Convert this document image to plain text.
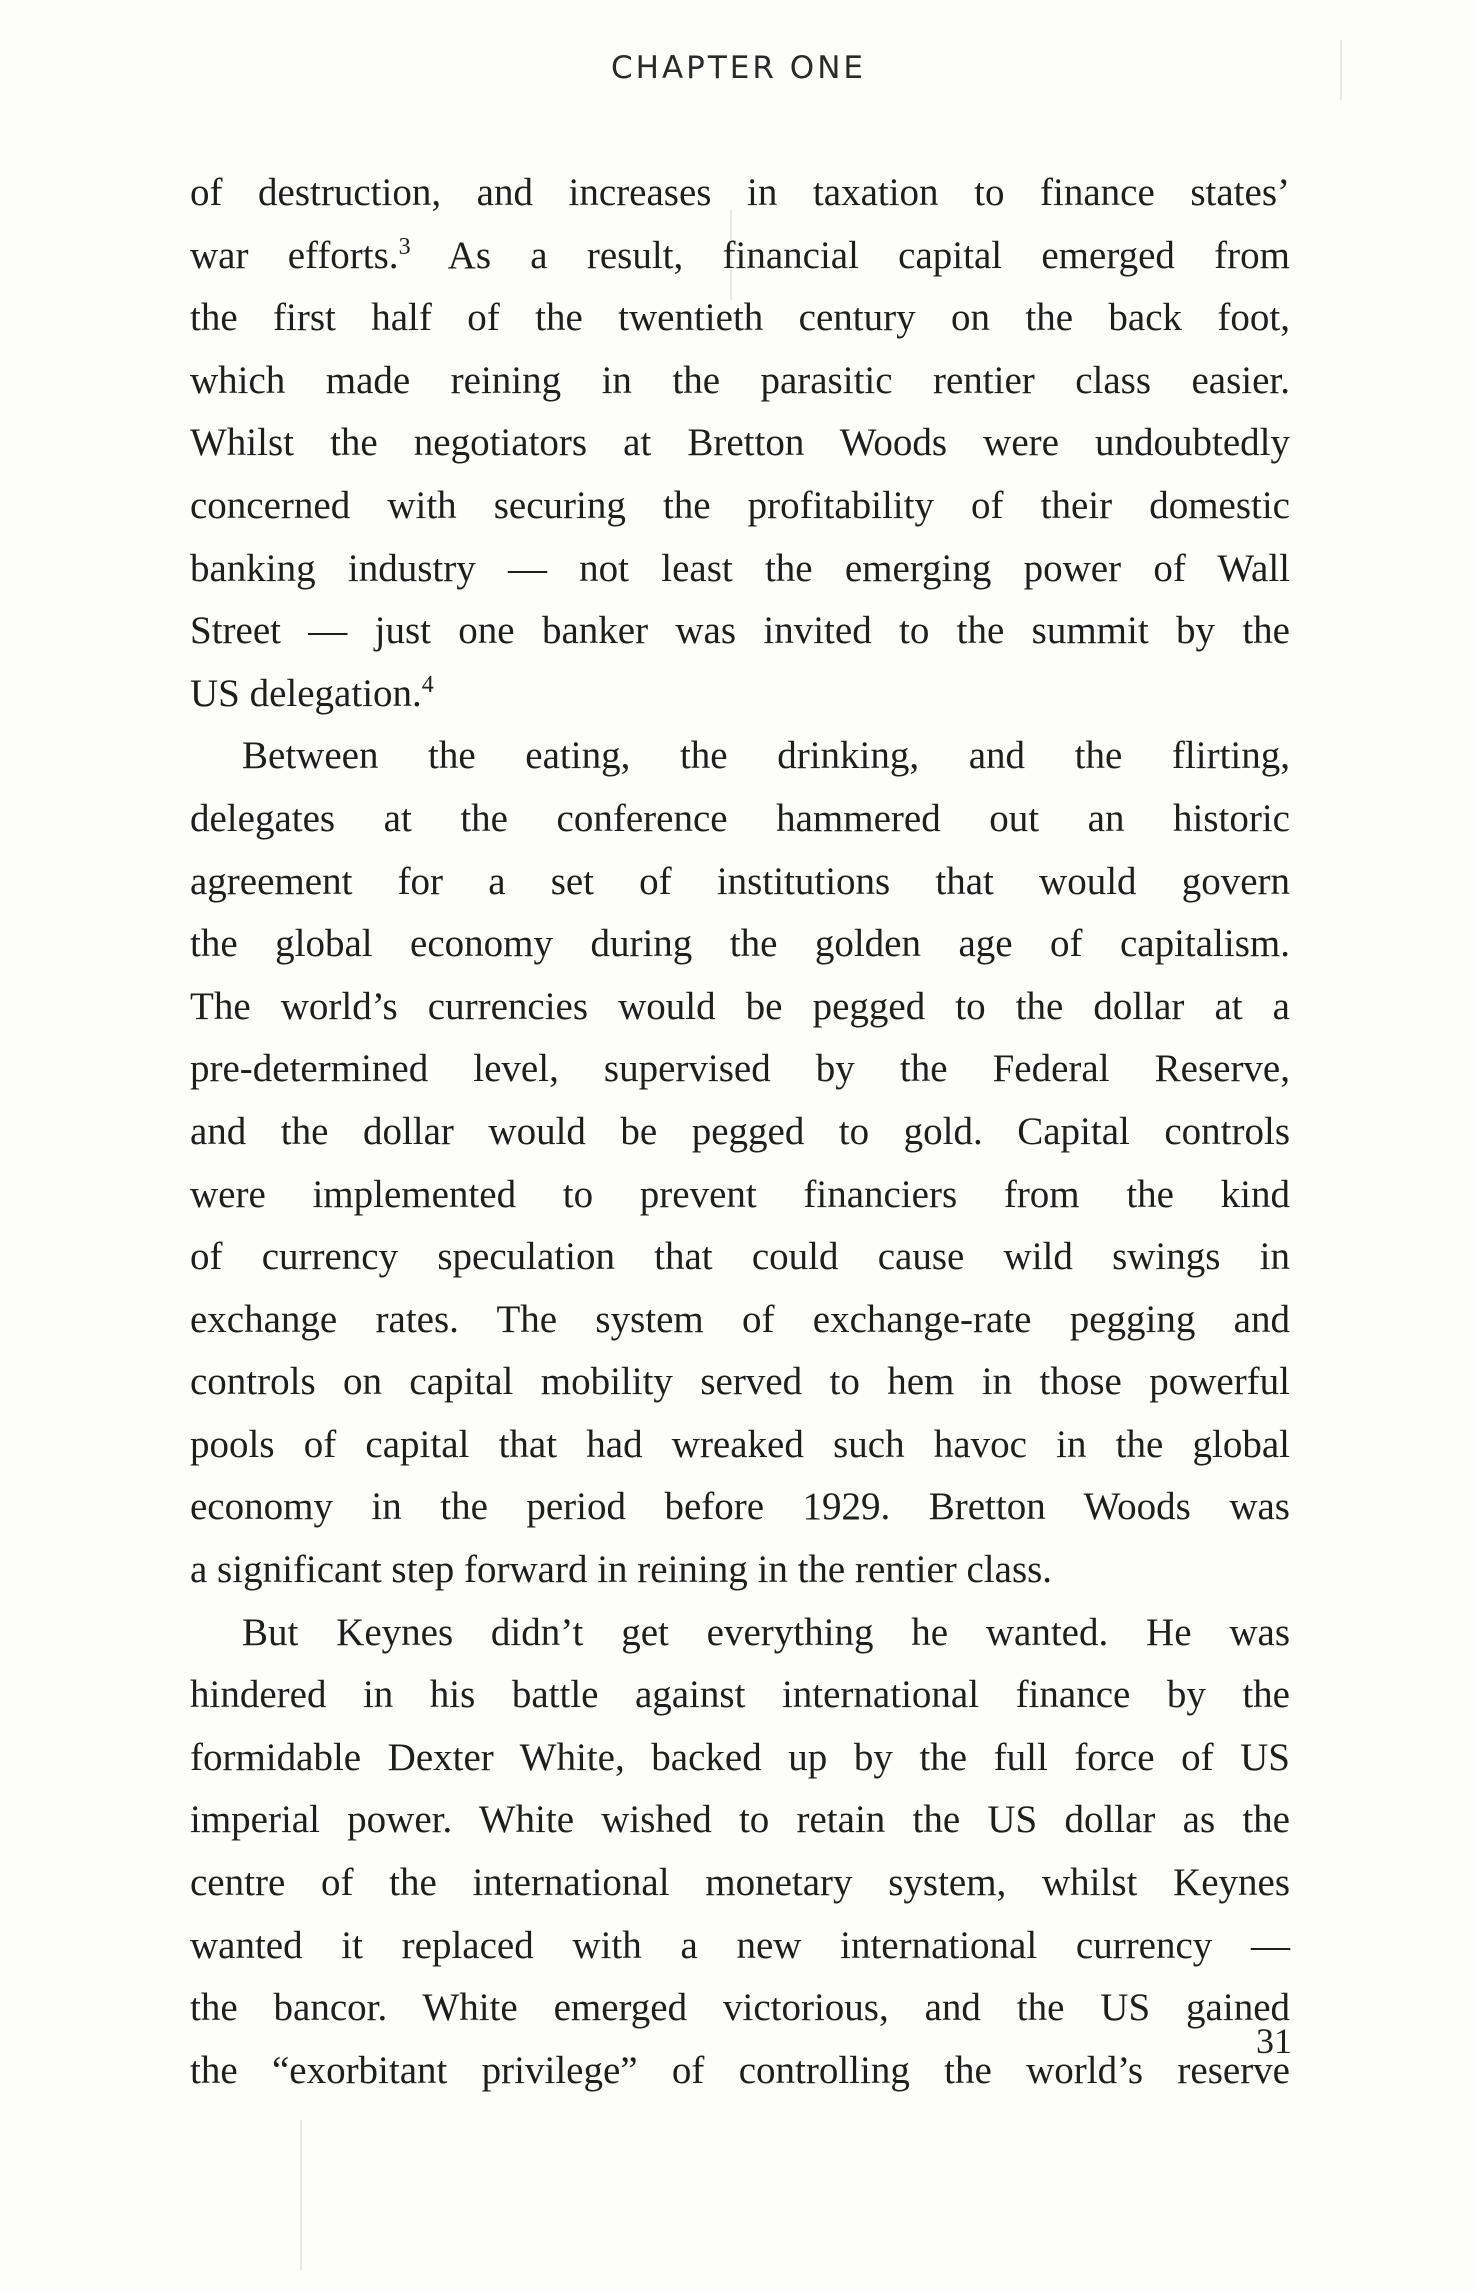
CHAPTER ONE
of destruction, and increases in taxation to finance states’
war efforts.$^3$ As a result, financial capital emerged from
the first half of the twentieth century on the back foot,
which made reining in the parasitic rentier class easier.
Whilst the negotiators at Bretton Woods were undoubtedly
concerned with securing the profitability of their domestic
banking industry — not least the emerging power of Wall
Street — just one banker was invited to the summit by the
US delegation.$^4$
Between the eating, the drinking, and the flirting,
delegates at the conference hammered out an historic
agreement for a set of institutions that would govern
the global economy during the golden age of capitalism.
The world’s currencies would be pegged to the dollar at a
pre-determined level, supervised by the Federal Reserve,
and the dollar would be pegged to gold. Capital controls
were implemented to prevent financiers from the kind
of currency speculation that could cause wild swings in
exchange rates. The system of exchange-rate pegging and
controls on capital mobility served to hem in those powerful
pools of capital that had wreaked such havoc in the global
economy in the period before 1929. Bretton Woods was
a significant step forward in reining in the rentier class.
But Keynes didn’t get everything he wanted. He was
hindered in his battle against international finance by the
formidable Dexter White, backed up by the full force of US
imperial power. White wished to retain the US dollar as the
centre of the international monetary system, whilst Keynes
wanted it replaced with a new international currency —
the bancor. White emerged victorious, and the US gained
the “exorbitant privilege” of controlling the world’s reserve
31
